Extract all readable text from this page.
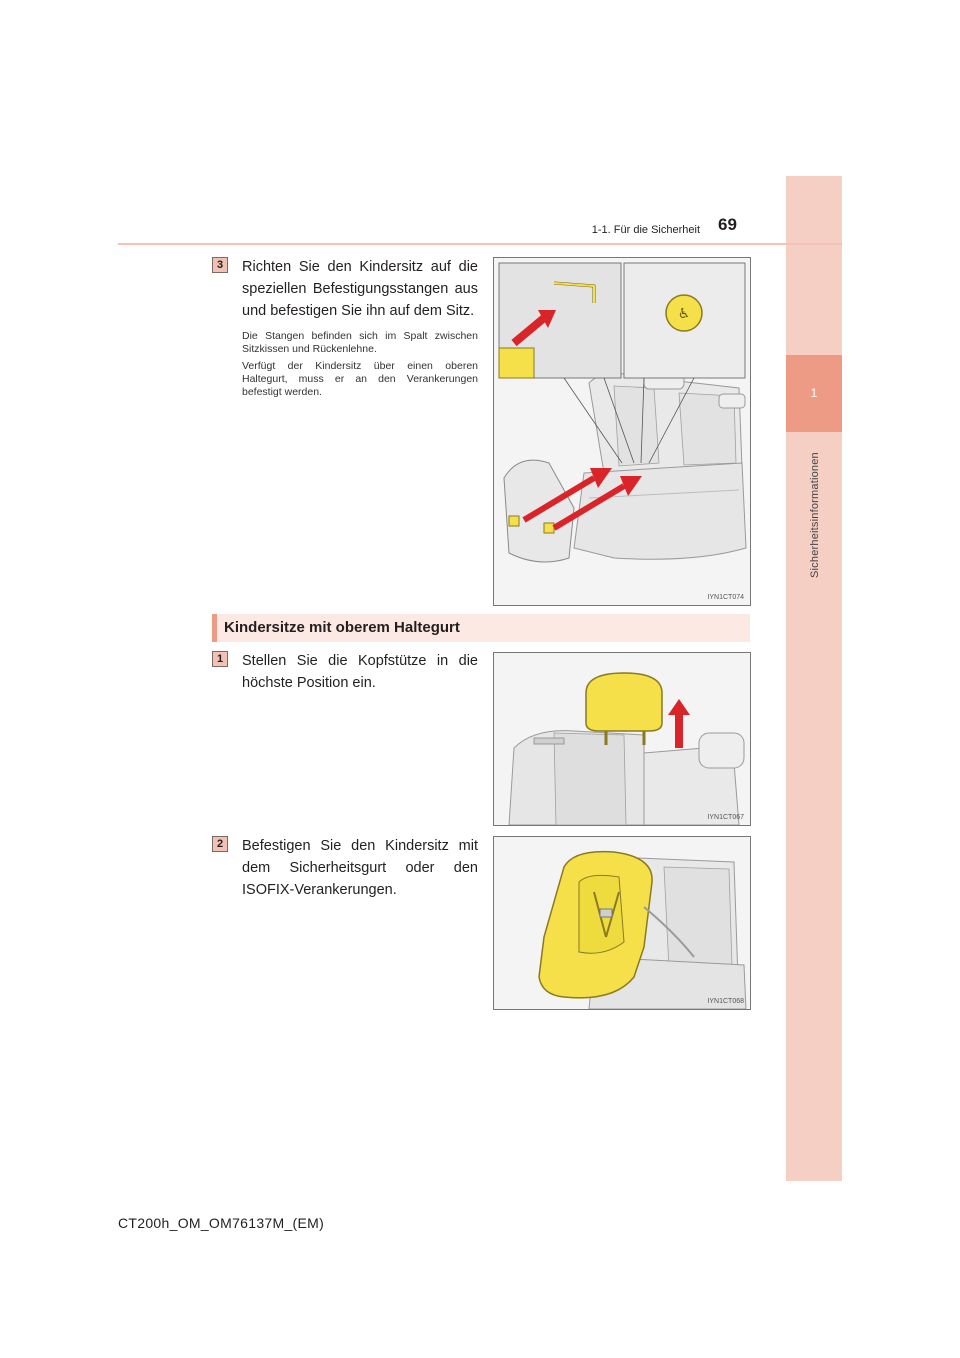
1
Sicherheitsinformationen
1-1. Für die Sicherheit 69
3	Richten Sie den Kindersitz auf die speziellen Befestigungsstangen aus und befestigen Sie ihn auf dem Sitz.
Die Stangen befinden sich im Spalt zwischen Sitzkissen und Rückenlehne.
Verfügt der Kindersitz über einen oberen Haltegurt, muss er an den Verankerungen befestigt werden.
♿
IYN1CT074
Kindersitze mit oberem Haltegurt
1	Stellen Sie die Kopfstütze in die höchste Position ein.
IYN1CT067
2	Befestigen Sie den Kindersitz mit dem Sicherheitsgurt oder den ISOFIX-Verankerungen.
IYN1CT068
CT200h_OM_OM76137M_(EM)
